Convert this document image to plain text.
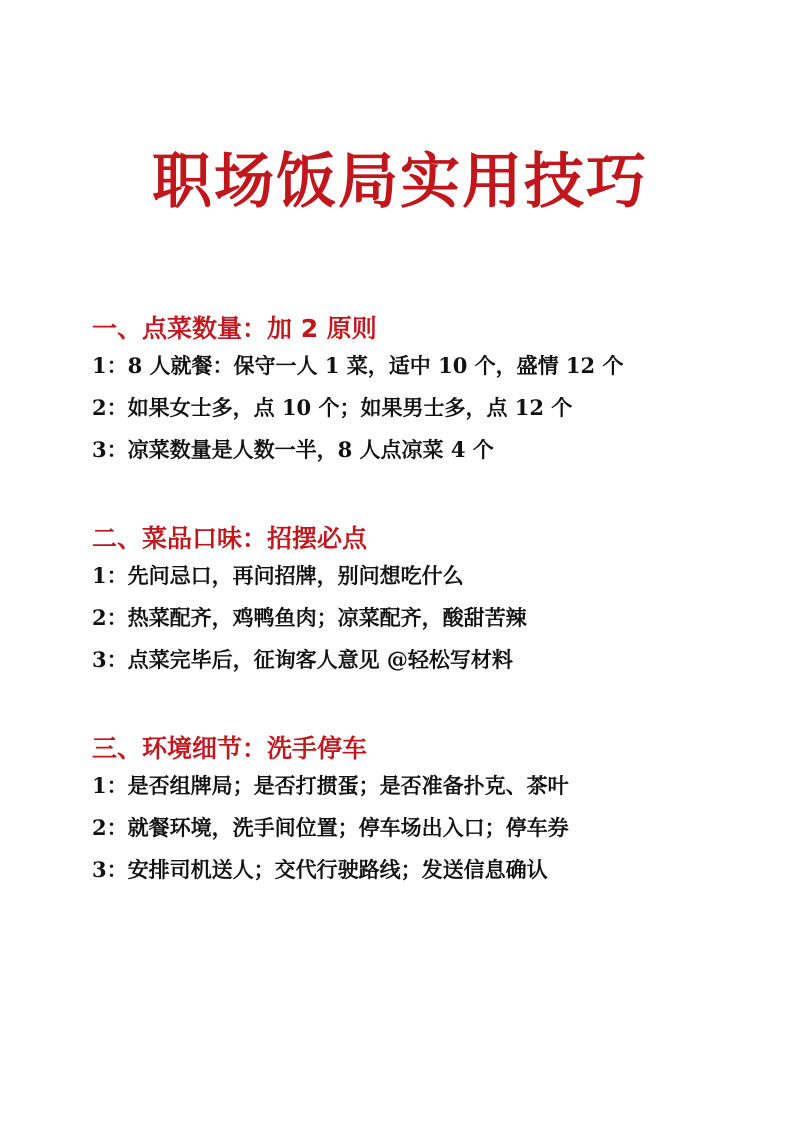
职场饭局实用技巧
一、点菜数量：加 2 原则

1：8 人就餐：保守一人 1 菜，适中 10 个，盛情 12 个

2：如果女士多，点 10 个；如果男士多，点 12 个

3：凉菜数量是人数一半，8 人点凉菜 4 个

二、菜品口味：招摆必点

1：先问忌口，再问招牌，别问想吃什么

2：热菜配齐，鸡鸭鱼肉；凉菜配齐，酸甜苦辣

3：点菜完毕后，征询客人意见 @轻松写材料

三、环境细节：洗手停车

1：是否组牌局；是否打掼蛋；是否准备扑克、茶叶

2：就餐环境，洗手间位置；停车场出入口；停车券

3：安排司机送人；交代行驶路线；发送信息确认
